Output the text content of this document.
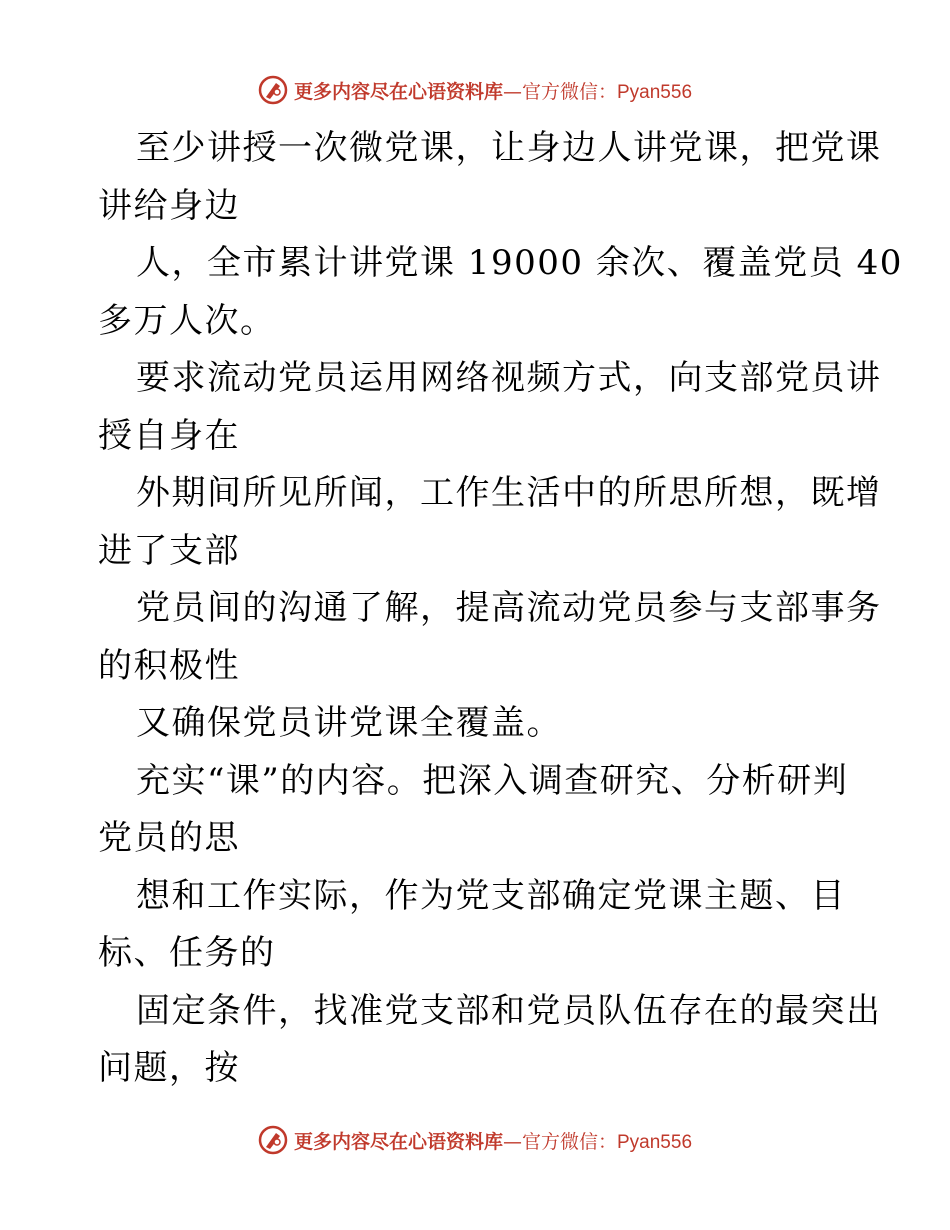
更多内容尽在心语资料库—官方微信：Pyan556
至少讲授一次微党课，让身边人讲党课，把党课
讲给身边
人，全市累计讲党课 19000 余次、覆盖党员 40
多万人次。
要求流动党员运用网络视频方式，向支部党员讲
授自身在
外期间所见所闻，工作生活中的所思所想，既增
进了支部
党员间的沟通了解，提高流动党员参与支部事务
的积极性
又确保党员讲党课全覆盖。
充实“课”的内容。把深入调查研究、分析研判
党员的思
想和工作实际，作为党支部确定党课主题、目
标、任务的
固定条件，找准党支部和党员队伍存在的最突出
问题，按
更多内容尽在心语资料库—官方微信：Pyan556
